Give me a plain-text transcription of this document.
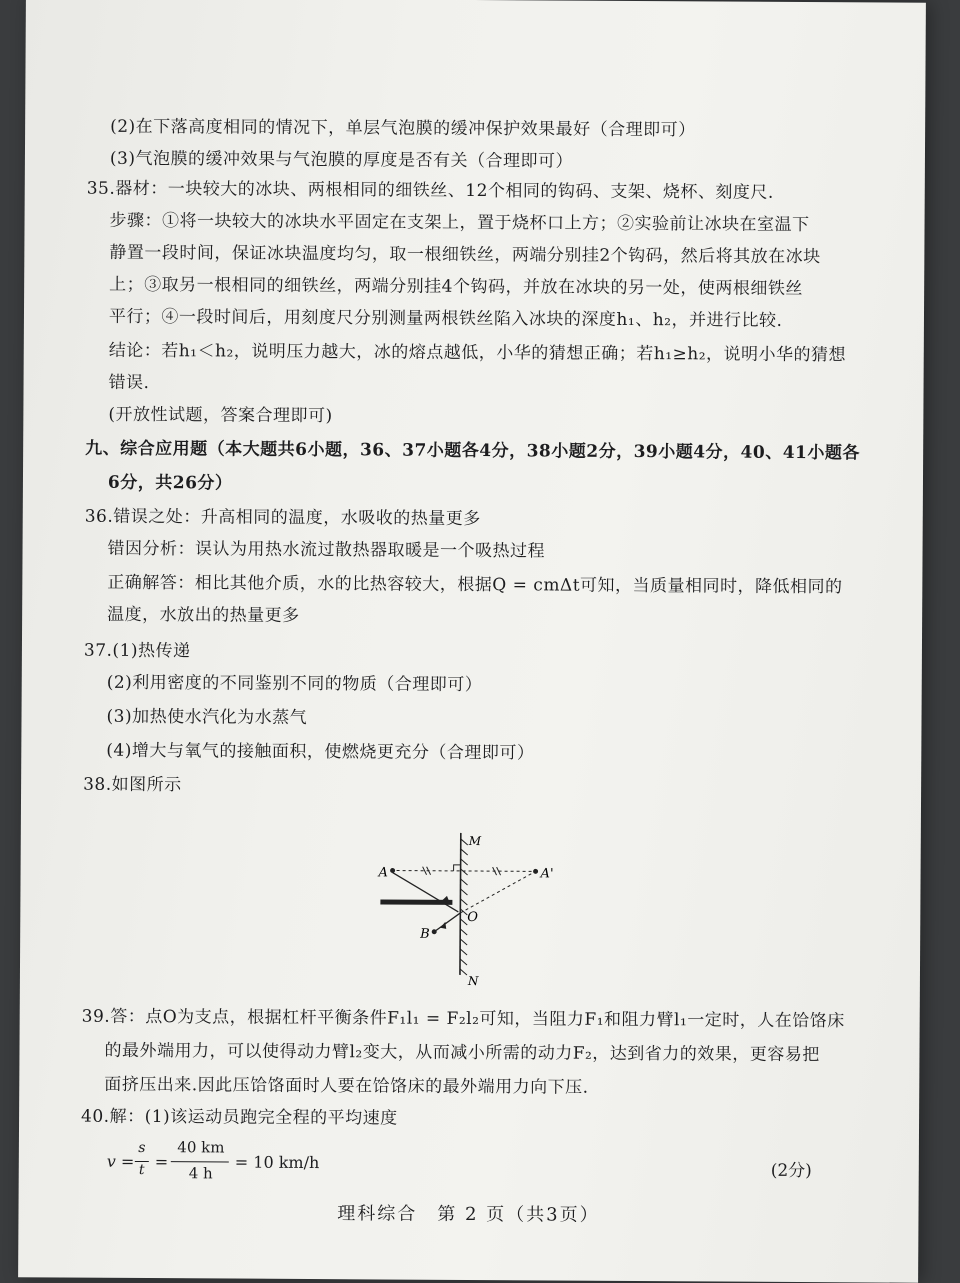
(2)在下落高度相同的情况下，单层气泡膜的缓冲保护效果最好（合理即可）
(3)气泡膜的缓冲效果与气泡膜的厚度是否有关（合理即可）
35.器材：一块较大的冰块、两根相同的细铁丝、12个相同的钩码、支架、烧杯、刻度尺.
步骤：①将一块较大的冰块水平固定在支架上，置于烧杯口上方；②实验前让冰块在室温下
静置一段时间，保证冰块温度均匀，取一根细铁丝，两端分别挂2个钩码，然后将其放在冰块
上；③取另一根相同的细铁丝，两端分别挂4个钩码，并放在冰块的另一处，使两根细铁丝
平行；④一段时间后，用刻度尺分别测量两根铁丝陷入冰块的深度h₁、h₂，并进行比较.
结论：若h₁＜h₂，说明压力越大，冰的熔点越低，小华的猜想正确；若h₁≥h₂，说明小华的猜想
错误.
(开放性试题，答案合理即可)
九、综合应用题（本大题共6小题，36、37小题各4分，38小题2分，39小题4分，40、41小题各
6分，共26分）
36.错误之处：升高相同的温度，水吸收的热量更多
错因分析：误认为用热水流过散热器取暖是一个吸热过程
正确解答：相比其他介质，水的比热容较大，根据Q = cmΔt可知，当质量相同时，降低相同的
温度，水放出的热量更多
37.(1)热传递
(2)利用密度的不同鉴别不同的物质（合理即可）
(3)加热使水汽化为水蒸气
(4)增大与氧气的接触面积，使燃烧更充分（合理即可）
38.如图所示
M
N
A	A'
B
O
39.答：点O为支点，根据杠杆平衡条件F₁l₁ = F₂l₂可知，当阻力F₁和阻力臂l₁一定时，人在饸饹床
的最外端用力，可以使得动力臂l₂变大，从而减小所需的动力F₂，达到省力的效果，更容易把
面挤压出来.因此压饸饹面时人要在饸饹床的最外端用力向下压.
40.解：(1)该运动员跑完全程的平均速度
v =
s
t =
40 km
4 h
= 10 km/h	(2分)
理科综合　第 2 页（共3页）
